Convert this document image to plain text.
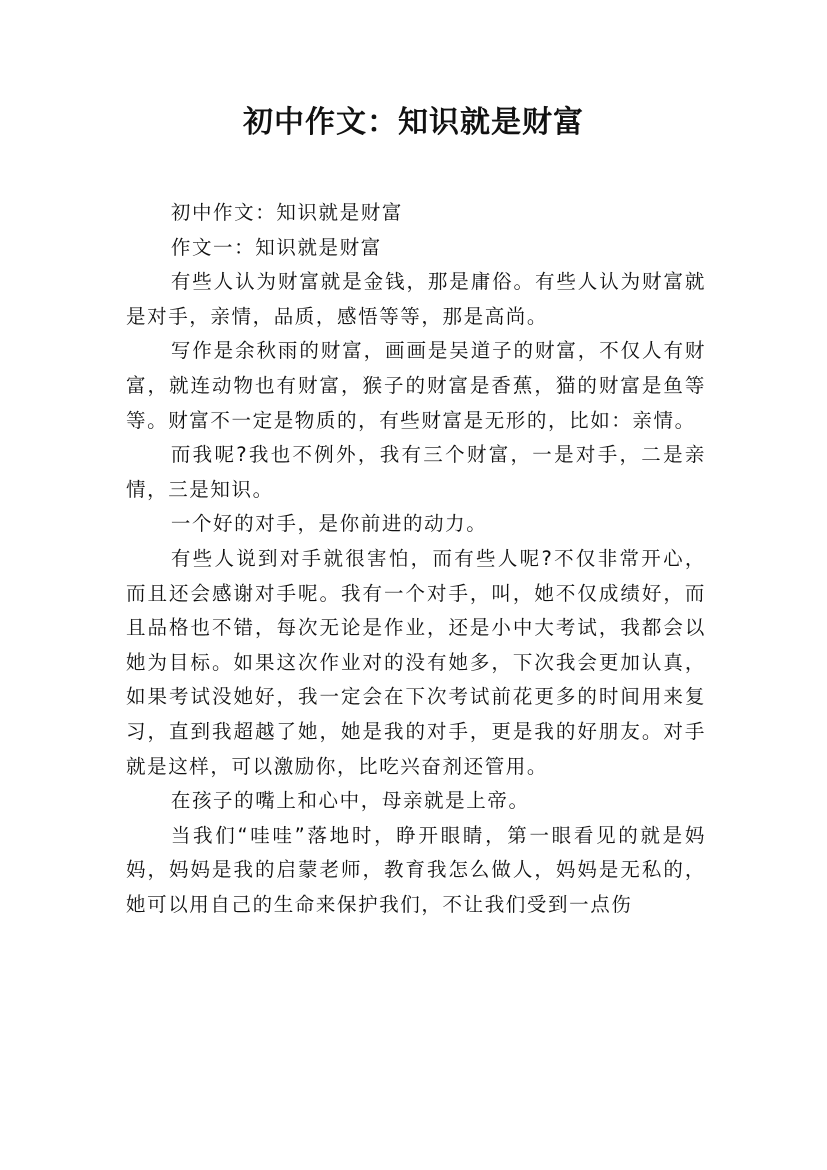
初中作文：知识就是财富

初中作文：知识就是财富

作文一：知识就是财富

有些人认为财富就是金钱，那是庸俗。有些人认为财富就是对手，亲情，品质，感悟等等，那是高尚。

写作是余秋雨的财富，画画是吴道子的财富，不仅人有财富，就连动物也有财富，猴子的财富是香蕉，猫的财富是鱼等等。财富不一定是物质的，有些财富是无形的，比如：亲情。

而我呢?我也不例外，我有三个财富，一是对手，二是亲情，三是知识。

一个好的对手，是你前进的动力。

有些人说到对手就很害怕，而有些人呢?不仅非常开心，而且还会感谢对手呢。我有一个对手，叫，她不仅成绩好，而且品格也不错，每次无论是作业，还是小中大考试，我都会以她为目标。如果这次作业对的没有她多，下次我会更加认真，如果考试没她好，我一定会在下次考试前花更多的时间用来复习，直到我超越了她，她是我的对手，更是我的好朋友。对手就是这样，可以激励你，比吃兴奋剂还管用。

在孩子的嘴上和心中，母亲就是上帝。

当我们“哇哇”落地时，睁开眼睛，第一眼看见的就是妈妈，妈妈是我的启蒙老师，教育我怎么做人，妈妈是无私的，她可以用自己的生命来保护我们，不让我们受到一点伤
